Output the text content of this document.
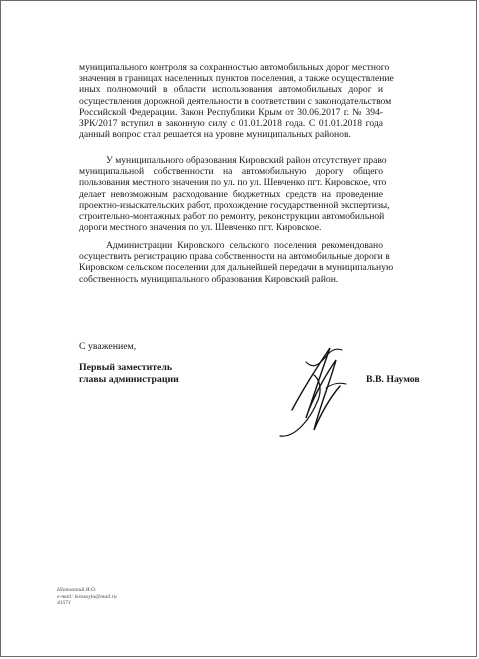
муниципального контроля за сохранностью автомобильных дорог местного
значения в границах населенных пунктов поселения, а также осуществление
иных полномочий в области использования автомобильных дорог и
осуществления дорожной деятельности в соответствии с законодательством
Российской Федерации. Закон Республики Крым от 30.06.2017 г. № 394-
ЗРК/2017 вступил в законную силу с 01.01.2018 года. С 01.01.2018 года
данный вопрос стал решается на уровне муниципальных районов.
У муниципального образования Кировский район отсутствует право
муниципальной собственности на автомобильную дорогу общего
пользования местного значения по ул. по ул. Шевченко пгт. Кировское, что
делает невозможным расходование бюджетных средств на проведение
проектно-изыскательских работ, прохождение государственной экспертизы,
строительно-монтажных работ по ремонту, реконструкции автомобильной
дороги местного значения по ул. Шевченко пгт. Кировское.
Администрации Кировского сельского поселения рекомендовано
осуществить регистрацию права собственности на автомобильные дороги в
Кировском сельском поселении для дальнейшей передачи в муниципальную
собственность муниципального образования Кировский район.
С уважением,
Первый заместитель
главы администрации	В.В. Наумов
Шаповский Я.О.
e-mail: kirosoyla@mail.ru
41571
